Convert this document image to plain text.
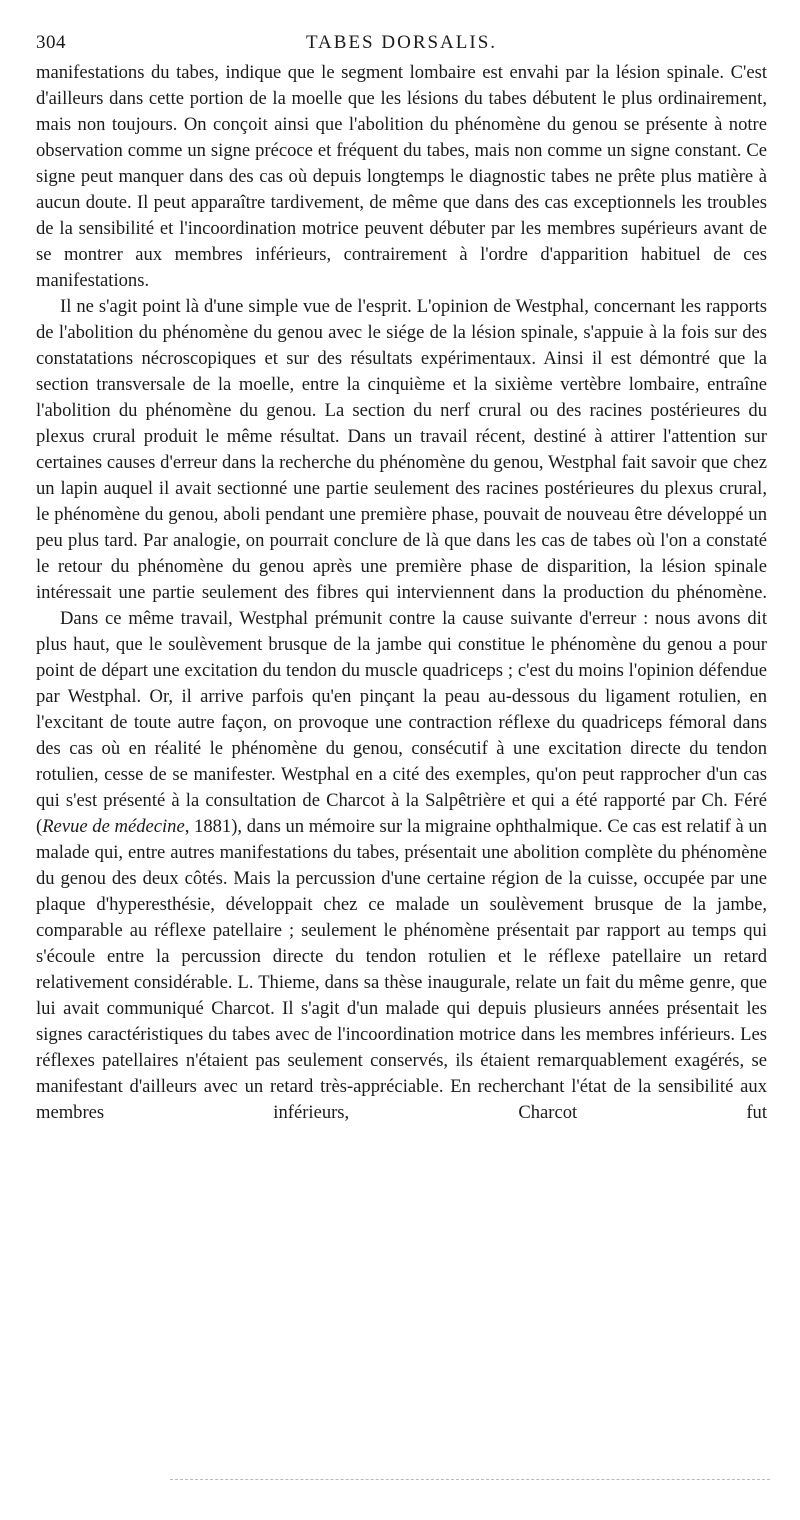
304	TABES DORSALIS.

manifestations du tabes, indique que le segment lombaire est envahi par la lésion spinale. C'est d'ailleurs dans cette portion de la moelle que les lésions du tabes débutent le plus ordinairement, mais non toujours. On conçoit ainsi que l'abolition du phénomène du genou se présente à notre observation comme un signe précoce et fréquent du tabes, mais non comme un signe constant. Ce signe peut manquer dans des cas où depuis longtemps le diagnostic tabes ne prête plus matière à aucun doute. Il peut apparaître tardivement, de même que dans des cas exceptionnels les troubles de la sensibilité et l'incoordination motrice peuvent débuter par les membres supérieurs avant de se montrer aux membres inférieurs, contrairement à l'ordre d'apparition habituel de ces manifestations.

Il ne s'agit point là d'une simple vue de l'esprit. L'opinion de Westphal, concernant les rapports de l'abolition du phénomène du genou avec le siége de la lésion spinale, s'appuie à la fois sur des constatations nécroscopiques et sur des résultats expérimentaux. Ainsi il est démontré que la section transversale de la moelle, entre la cinquième et la sixième vertèbre lombaire, entraîne l'abolition du phénomène du genou. La section du nerf crural ou des racines postérieures du plexus crural produit le même résultat. Dans un travail récent, destiné à attirer l'attention sur certaines causes d'erreur dans la recherche du phénomène du genou, Westphal fait savoir que chez un lapin auquel il avait sectionné une partie seulement des racines postérieures du plexus crural, le phénomène du genou, aboli pendant une première phase, pouvait de nouveau être développé un peu plus tard. Par analogie, on pourrait conclure de là que dans les cas de tabes où l'on a constaté le retour du phénomène du genou après une première phase de disparition, la lésion spinale intéressait une partie seulement des fibres qui interviennent dans la production du phénomène.

Dans ce même travail, Westphal prémunit contre la cause suivante d'erreur : nous avons dit plus haut, que le soulèvement brusque de la jambe qui constitue le phénomène du genou a pour point de départ une excitation du tendon du muscle quadriceps ; c'est du moins l'opinion défendue par Westphal. Or, il arrive parfois qu'en pinçant la peau au-dessous du ligament rotulien, en l'excitant de toute autre façon, on provoque une contraction réflexe du quadriceps fémoral dans des cas où en réalité le phénomène du genou, consécutif à une excitation directe du tendon rotulien, cesse de se manifester. Westphal en a cité des exemples, qu'on peut rapprocher d'un cas qui s'est présenté à la consultation de Charcot à la Salpêtrière et qui a été rapporté par Ch. Féré (Revue de médecine, 1881), dans un mémoire sur la migraine ophthalmique. Ce cas est relatif à un malade qui, entre autres manifestations du tabes, présentait une abolition complète du phénomène du genou des deux côtés. Mais la percussion d'une certaine région de la cuisse, occupée par une plaque d'hyperesthésie, développait chez ce malade un soulèvement brusque de la jambe, comparable au réflexe patellaire ; seulement le phénomène présentait par rapport au temps qui s'écoule entre la percussion directe du tendon rotulien et le réflexe patellaire un retard relativement considérable. L. Thieme, dans sa thèse inaugurale, relate un fait du même genre, que lui avait communiqué Charcot. Il s'agit d'un malade qui depuis plusieurs années présentait les signes caractéristiques du tabes avec de l'incoordination motrice dans les membres inférieurs. Les réflexes patellaires n'étaient pas seulement conservés, ils étaient remarquablement exagérés, se manifestant d'ailleurs avec un retard très-appréciable. En recherchant l'état de la sensibilité aux membres inférieurs, Charcot fut
